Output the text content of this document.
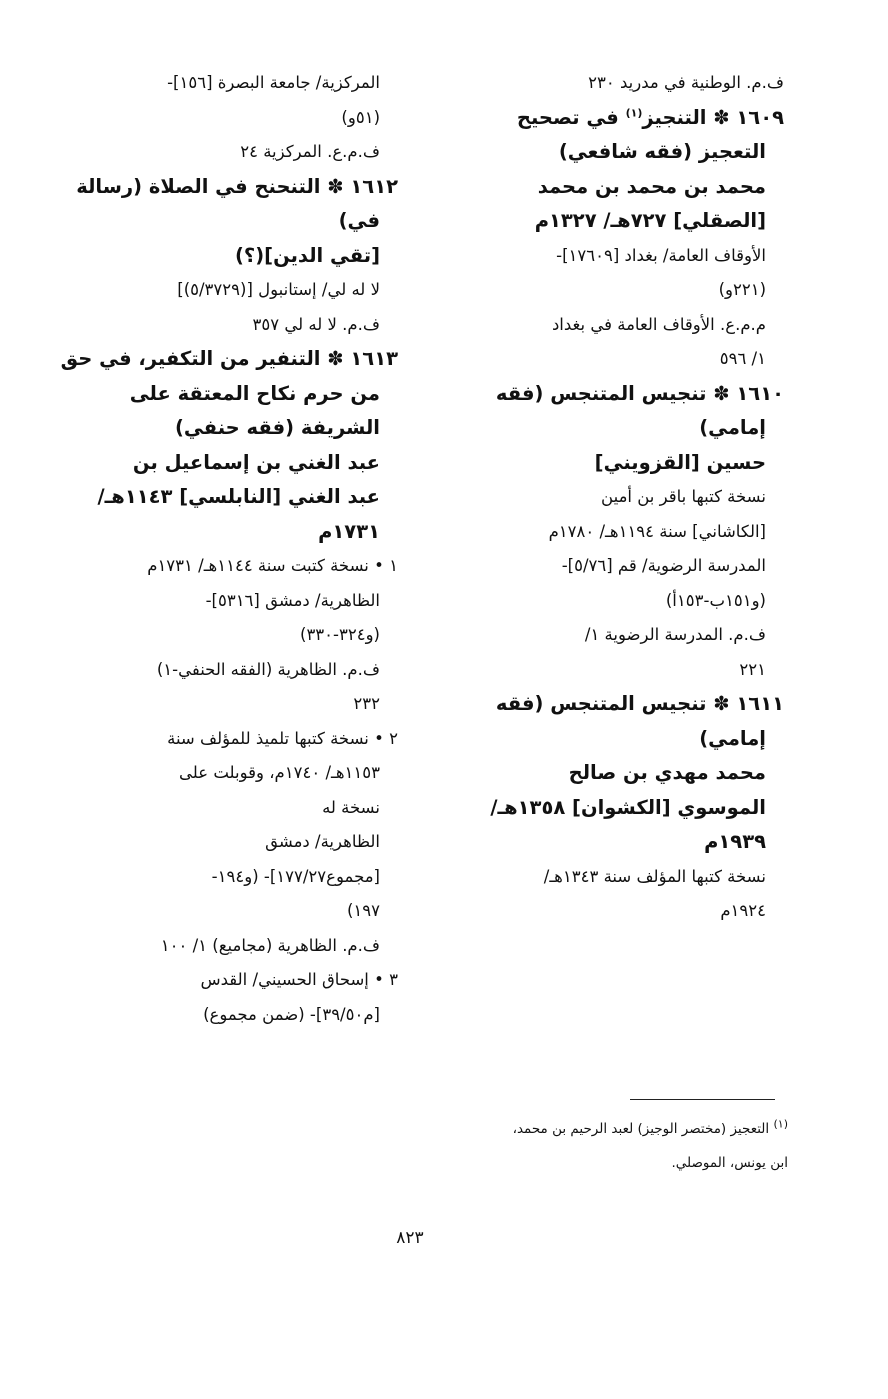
ف.م. الوطنية في مدريد ٢٣٠
١٦٠٩ ✽ التنجيز$^{(١)}$ في تصحيح
التعجيز (فقه شافعي)
محمد بن محمد بن محمد
[الصقلي] ٧٢٧هـ/ ١٣٢٧م
الأوقاف العامة/ بغداد [١٧٦٠٩]-
(٢٢١و)
م.م.ع. الأوقاف العامة في بغداد
١/ ٥٩٦
١٦١٠ ✽ تنجيس المتنجس (فقه
إمامي)
حسين [القزويني]
نسخة كتبها باقر بن أمين
[الكاشاني] سنة ١١٩٤هـ/ ١٧٨٠م
المدرسة الرضوية/ قم [٥/٧٦]-
(و١٥١ب-١٥٣أ)
ف.م. المدرسة الرضوية ١/
٢٢١
١٦١١ ✽ تنجيس المتنجس (فقه
إمامي)
محمد مهدي بن صالح
الموسوي [الكشوان] ١٣٥٨هـ/
١٩٣٩م
نسخة كتبها المؤلف سنة ١٣٤٣هـ/
١٩٢٤م
المركزية/ جامعة البصرة [١٥٦]-
(٥١و)
ف.م.ع. المركزية ٢٤
١٦١٢ ✽ التنحنح في الصلاة (رسالة
في)
[تقي الدين](؟)
لا له لي/ إستانبول [(٥/٣٧٢٩)]
ف.م. لا له لي ٣٥٧
١٦١٣ ✽ التنفير من التكفير، في حق
من حرم نكاح المعتقة على
الشريفة (فقه حنفي)
عبد الغني بن إسماعيل بن
عبد الغني [النابلسي] ١١٤٣هـ/
١٧٣١م
١ • نسخة كتبت سنة ١١٤٤هـ/ ١٧٣١م
الظاهرية/ دمشق [٥٣١٦]-
(و٣٢٤-٣٣٠)
ف.م. الظاهرية (الفقه الحنفي-١)
٢٣٢
٢ • نسخة كتبها تلميذ للمؤلف سنة
١١٥٣هـ/ ١٧٤٠م، وقوبلت على
نسخة له
الظاهرية/ دمشق
[مجموع١٧٧/٢٧]- (و١٩٤-
١٩٧)
ف.م. الظاهرية (مجاميع) ١/ ١٠٠
٣ • إسحاق الحسيني/ القدس
[م٣٩/٥٠]- (ضمن مجموع)
$^{(١)}$ التعجيز (مختصر الوجيز) لعبد الرحيم بن محمد،
ابن يونس، الموصلي.
٨٢٣
